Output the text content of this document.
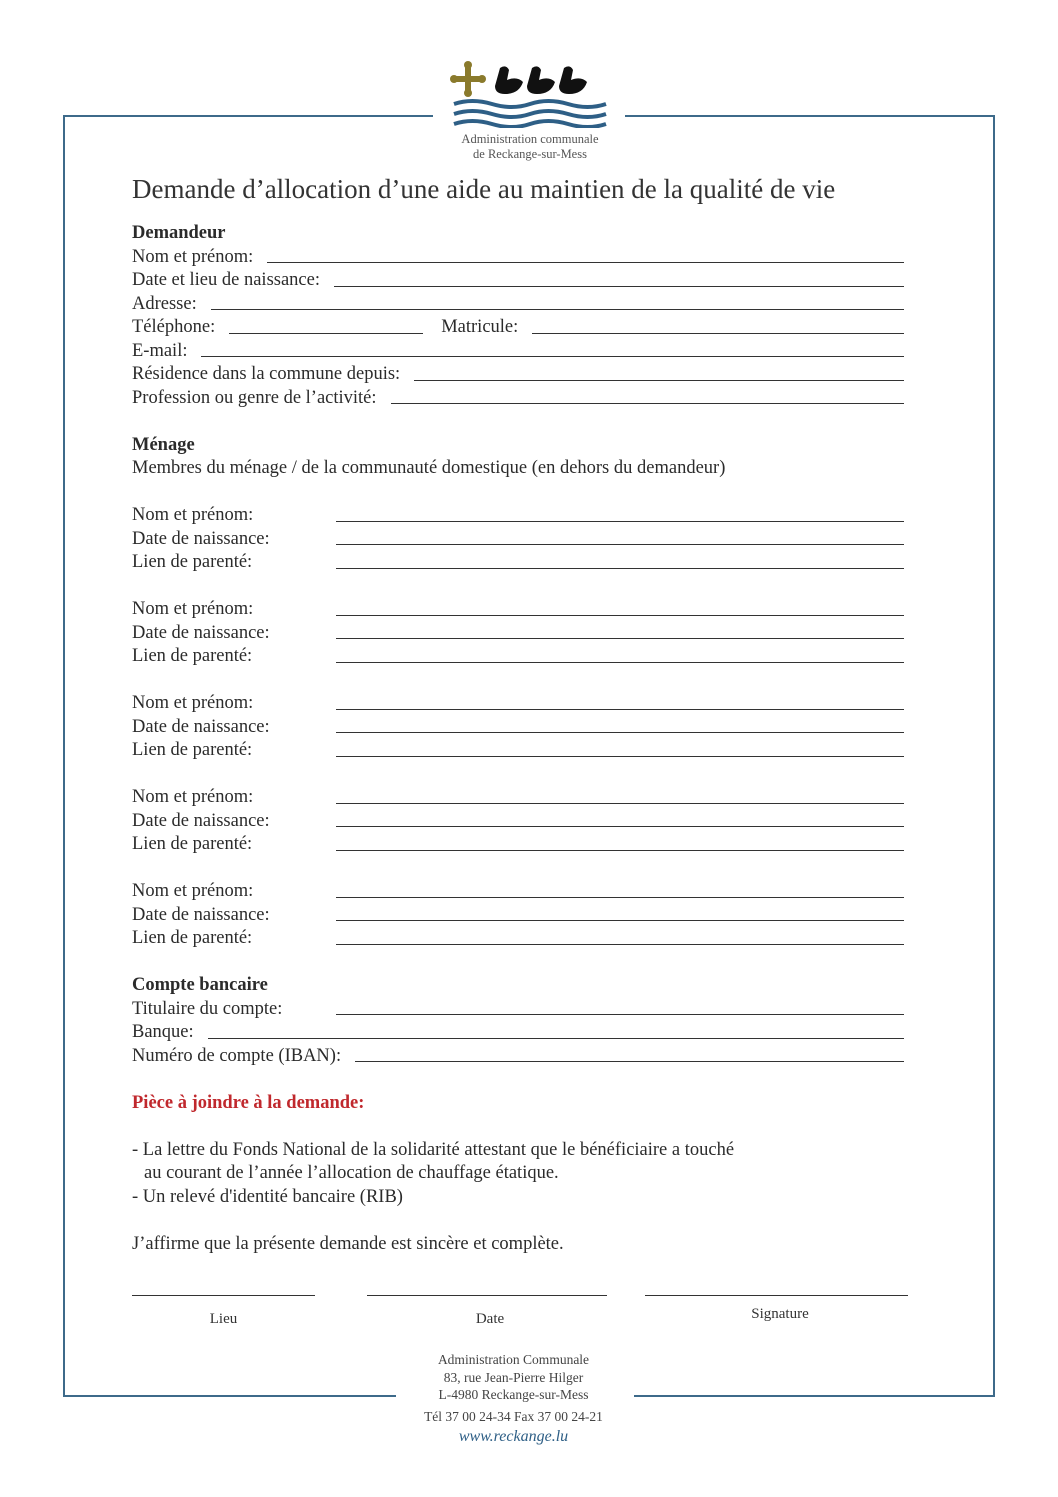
Administration communale
de Reckange-sur-Mess
Demande d’allocation d’une aide au maintien de la qualité de vie
Demandeur
Nom et prénom:
Date et lieu de naissance:
Adresse:
Téléphone:	Matricule:
E-mail:
Résidence dans la commune depuis:
Profession ou genre de l’activité:
Ménage
Membres du ménage / de la communauté domestique (en dehors du demandeur)
Nom et prénom:
Date de naissance:
Lien de parenté:
Nom et prénom:
Date de naissance:
Lien de parenté:
Nom et prénom:
Date de naissance:
Lien de parenté:
Nom et prénom:
Date de naissance:
Lien de parenté:
Nom et prénom:
Date de naissance:
Lien de parenté:
Compte bancaire
Titulaire du compte:
Banque:
Numéro de compte (IBAN):
Pièce à joindre à la demande:
- La lettre du Fonds National de la solidarité attestant que le bénéficiaire a touché
au courant de l’année l’allocation de chauffage étatique.
- Un relevé d'identité bancaire (RIB)
J’affirme que la présente demande est sincère et complète.
Lieu	Date	Signature
Administration Communale
83, rue Jean-Pierre Hilger
L-4980 Reckange-sur-Mess
Tél 37 00 24-34 Fax 37 00 24-21
www.reckange.lu
